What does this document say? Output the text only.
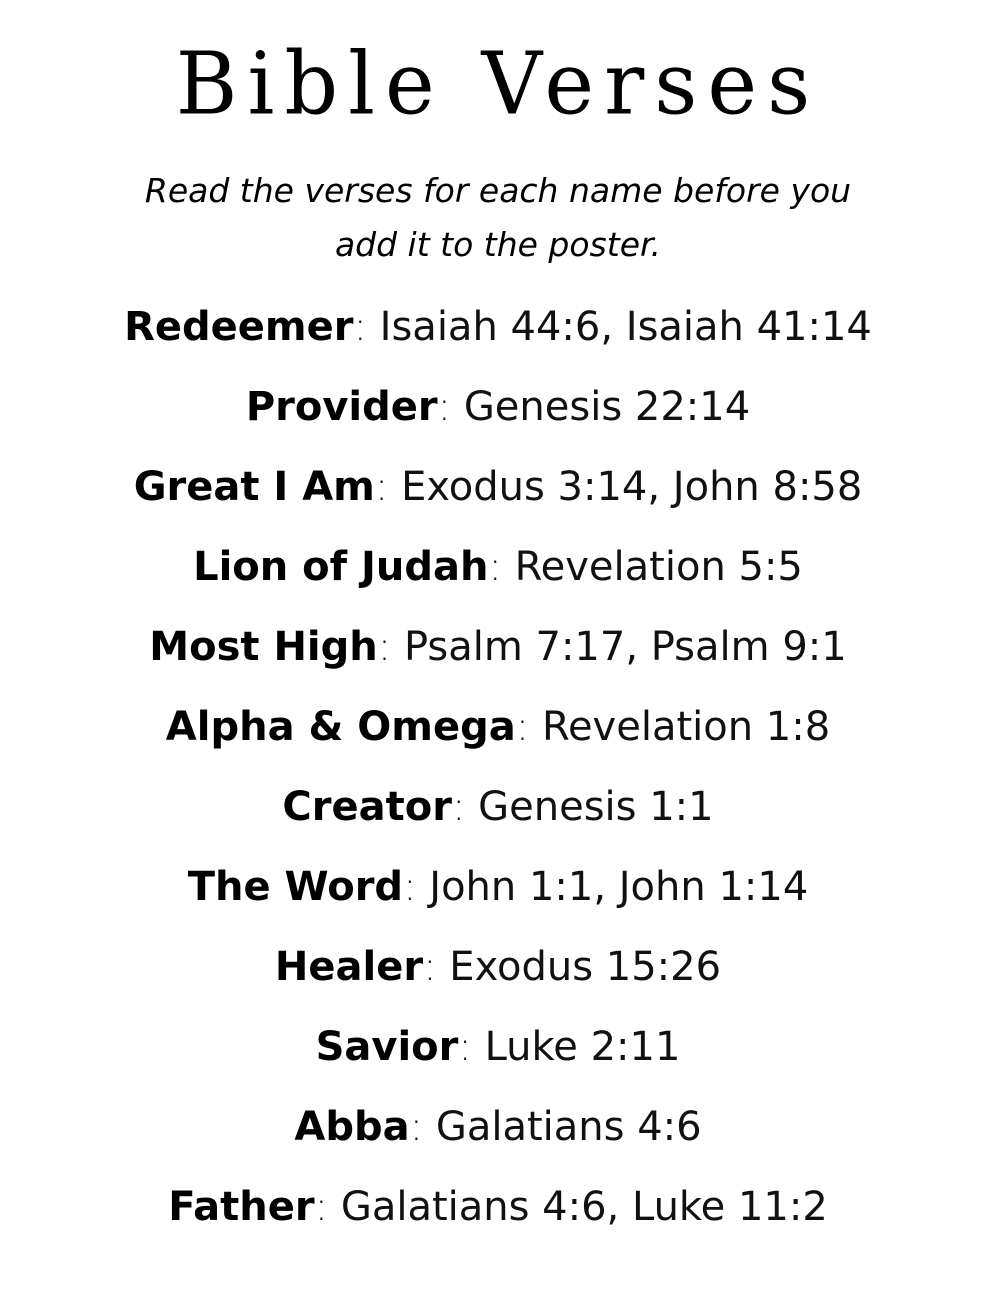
Bible Verses
Read the verses for each name before you add it to the poster.
Redeemer: Isaiah 44:6, Isaiah 41:14
Provider: Genesis 22:14
Great I Am: Exodus 3:14, John 8:58
Lion of Judah: Revelation 5:5
Most High: Psalm 7:17, Psalm 9:1
Alpha & Omega: Revelation 1:8
Creator: Genesis 1:1
The Word: John 1:1, John 1:14
Healer: Exodus 15:26
Savior: Luke 2:11
Abba: Galatians 4:6
Father: Galatians 4:6, Luke 11:2
